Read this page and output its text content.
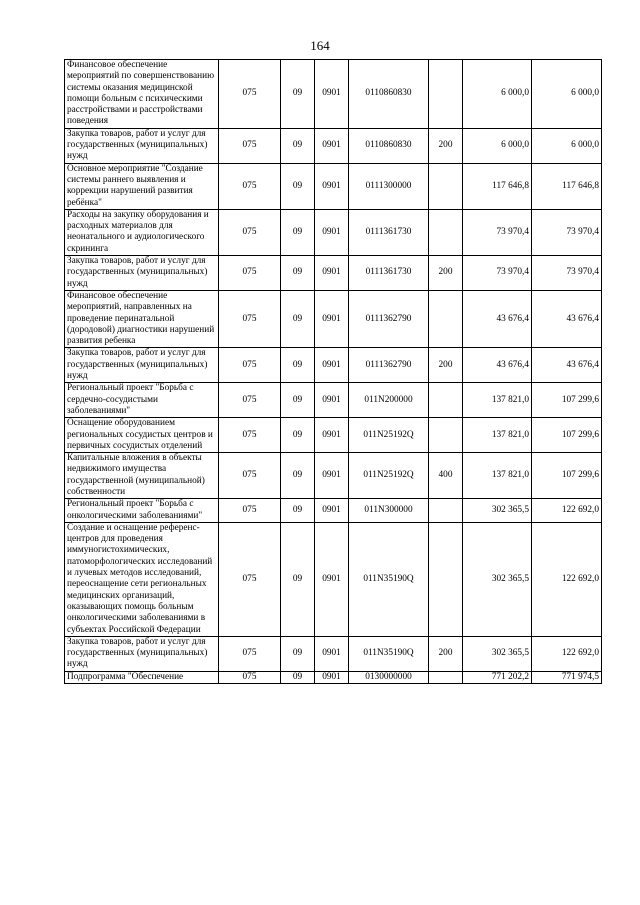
164
Финансовое обеспечение мероприятий по совершенствованию системы оказания медицинской помощи больным с психическими расстройствами и расстройствами поведения	075	09	0901	0110860830		6 000,0	6 000,0
Закупка товаров, работ и услуг для государственных (муниципальных) нужд	075	09	0901	0110860830	200	6 000,0	6 000,0
Основное мероприятие "Создание системы раннего выявления и коррекции нарушений развития ребёнка"	075	09	0901	0111300000		117 646,8	117 646,8
Расходы на закупку оборудования и расходных материалов для неонатального и аудиологического скрининга	075	09	0901	0111361730		73 970,4	73 970,4
Закупка товаров, работ и услуг для государственных (муниципальных) нужд	075	09	0901	0111361730	200	73 970,4	73 970,4
Финансовое обеспечение мероприятий, направленных на проведение перинатальной (дородовой) диагностики нарушений развития ребенка	075	09	0901	0111362790		43 676,4	43 676,4
Закупка товаров, работ и услуг для государственных (муниципальных) нужд	075	09	0901	0111362790	200	43 676,4	43 676,4
Региональный проект "Борьба с сердечно-сосудистыми заболеваниями"	075	09	0901	011N200000		137 821,0	107 299,6
Оснащение оборудованием региональных сосудистых центров и первичных сосудистых отделений	075	09	0901	011N25192Q		137 821,0	107 299,6
Капитальные вложения в объекты недвижимого имущества государственной (муниципальной) собственности	075	09	0901	011N25192Q	400	137 821,0	107 299,6
Региональный проект "Борьба с онкологическими заболеваниями"	075	09	0901	011N300000		302 365,5	122 692,0
Создание и оснащение референс-центров для проведения иммуногистохимических, патоморфологических исследований и лучевых методов исследований, переоснащение сети региональных медицинских организаций, оказывающих помощь больным онкологическими заболеваниями в субъектах Российской Федерации	075	09	0901	011N35190Q		302 365,5	122 692,0
Закупка товаров, работ и услуг для государственных (муниципальных) нужд	075	09	0901	011N35190Q	200	302 365,5	122 692,0
Подпрограмма "Обеспечение	075	09	0901	0130000000		771 202,2	771 974,5
